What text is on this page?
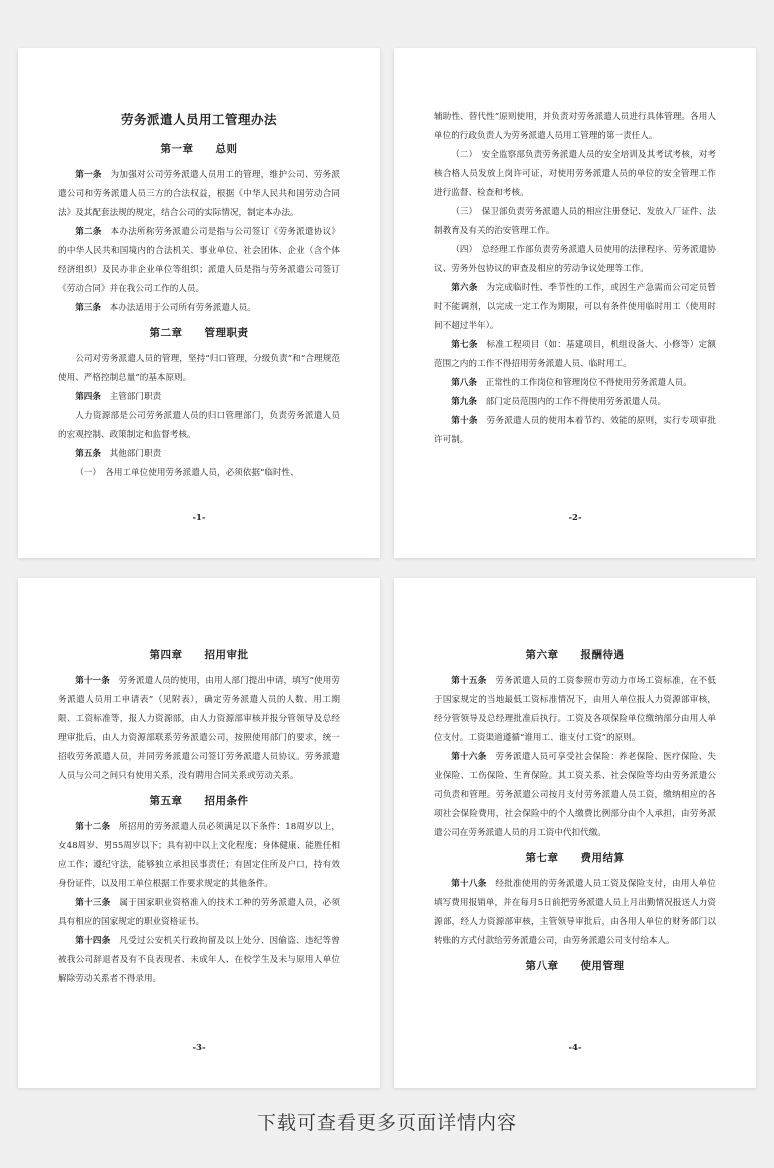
劳务派遣人员用工管理办法
第一章　　总则

第一条　 为加强对公司劳务派遣人员用工的管理，维护公司、劳务派遣公司和劳务派遣人员三方的合法权益，根据《中华人民共和国劳动合同法》及其配套法规的规定，结合公司的实际情况，制定本办法。

第二条　 本办法所称劳务派遣公司是指与公司签订《劳务派遣协议》的中华人民共和国境内的合法机关、事业单位、社会团体、企业（含个体经济组织）及民办非企业单位等组织；派遣人员是指与劳务派遣公司签订《劳动合同》并在我公司工作的人员。

第三条　 本办法适用于公司所有劳务派遣人员。

第二章　　管理职责

公司对劳务派遣人员的管理，坚持“归口管理，分级负责”和“合理规范使用、严格控制总量”的基本原则。

第四条　 主管部门职责

人力资源部是公司劳务派遣人员的归口管理部门，负责劳务派遣人员的宏观控制、政策制定和监督考核。

第五条　 其他部门职责

（一）　各用工单位使用劳务派遣人员，必须依据“临时性、

-1-

辅助性、替代性”原则使用，并负责对劳务派遣人员进行具体管理。各用人单位的行政负责人为劳务派遣人员用工管理的第一责任人。

（二）　安全监察部负责劳务派遣人员的安全培训及其考试考核，对考核合格人员发放上岗许可证，对使用劳务派遣人员的单位的安全管理工作进行监督、检查和考核。

（三）　保卫部负责劳务派遣人员的相应注册登记、发放入厂证件、法制教育及有关的治安管理工作。

（四）　总经理工作部负责劳务派遣人员使用的法律程序、劳务派遣协议、劳务外包协议的审查及相应的劳动争议处理等工作。

第六条　 为完成临时性、季节性的工作，或因生产急需而公司定员暂时不能调剂，以完成一定工作为期限，可以有条件使用临时用工（使用时间不超过半年）。

第七条　 标准工程项目（如：基建项目，机组设备大、小修等）定额范围之内的工作不得招用劳务派遣人员、临时用工。

第八条　 正常性的工作岗位和管理岗位不得使用劳务派遣人员。

第九条　 部门定员范围内的工作不得使用劳务派遣人员。

第十条　 劳务派遣人员的使用本着节约、效能的原则，实行专项审批许可制。

-2-
第四章　　招用审批

第十一条　 劳务派遣人员的使用，由用人部门提出申请，填写“使用劳务派遣人员用工申请表”（见附表），确定劳务派遣人员的人数、用工期限、工资标准等，报人力资源部，由人力资源部审核并报分管领导及总经理审批后，由人力资源部联系劳务派遣公司，按照使用部门的要求，统一招收劳务派遣人员，并同劳务派遣公司签订劳务派遣人员协议。劳务派遣人员与公司之间只有使用关系，没有聘用合同关系或劳动关系。

第五章　　招用条件

第十二条　 所招用的劳务派遣人员必须满足以下条件：18周岁以上，女48周岁、男55周岁以下；具有初中以上文化程度；身体健康、能胜任相应工作；遵纪守法，能够独立承担民事责任；有固定住所及户口，持有效身份证件，以及用工单位根据工作要求规定的其他条件。

第十三条　 属于国家职业资格准入的技术工种的劳务派遣人员，必须具有相应的国家规定的职业资格证书。

第十四条　 凡受过公安机关行政拘留及以上处分、因偷盗、违纪等曾被我公司辞退者及有不良表现者、未成年人、在校学生及未与原用人单位解除劳动关系者不得录用。

-3-
第六章　　报酬待遇

第十五条　 劳务派遣人员的工资参照市劳动力市场工资标准，在不低于国家规定的当地最低工资标准情况下，由用人单位报人力资源部审核，经分管领导及总经理批准后执行。工资及各项保险单位缴纳部分由用人单位支付。工资渠道遵循“谁用工、谁支付工资”的原则。

第十六条　 劳务派遣人员可享受社会保险：养老保险、医疗保险、失业保险、工伤保险、生育保险。其工资关系、社会保险等均由劳务派遣公司负责和管理。劳务派遣公司按月支付劳务派遣人员工资，缴纳相应的各项社会保险费用，社会保险中的个人缴费比例部分由个人承担，由劳务派遣公司在劳务派遣人员的月工资中代扣代缴。

第七章　　费用结算

第十八条　 经批准使用的劳务派遣人员工资及保险支付，由用人单位填写费用报销单，并在每月5日前把劳务派遣人员上月出勤情况报送人力资源部，经人力资源部审核，主管领导审批后，由各用人单位的财务部门以转账的方式付款给劳务派遣公司，由劳务派遣公司支付给本人。

第八章　　使用管理
-4-
下载可查看更多页面详情内容
